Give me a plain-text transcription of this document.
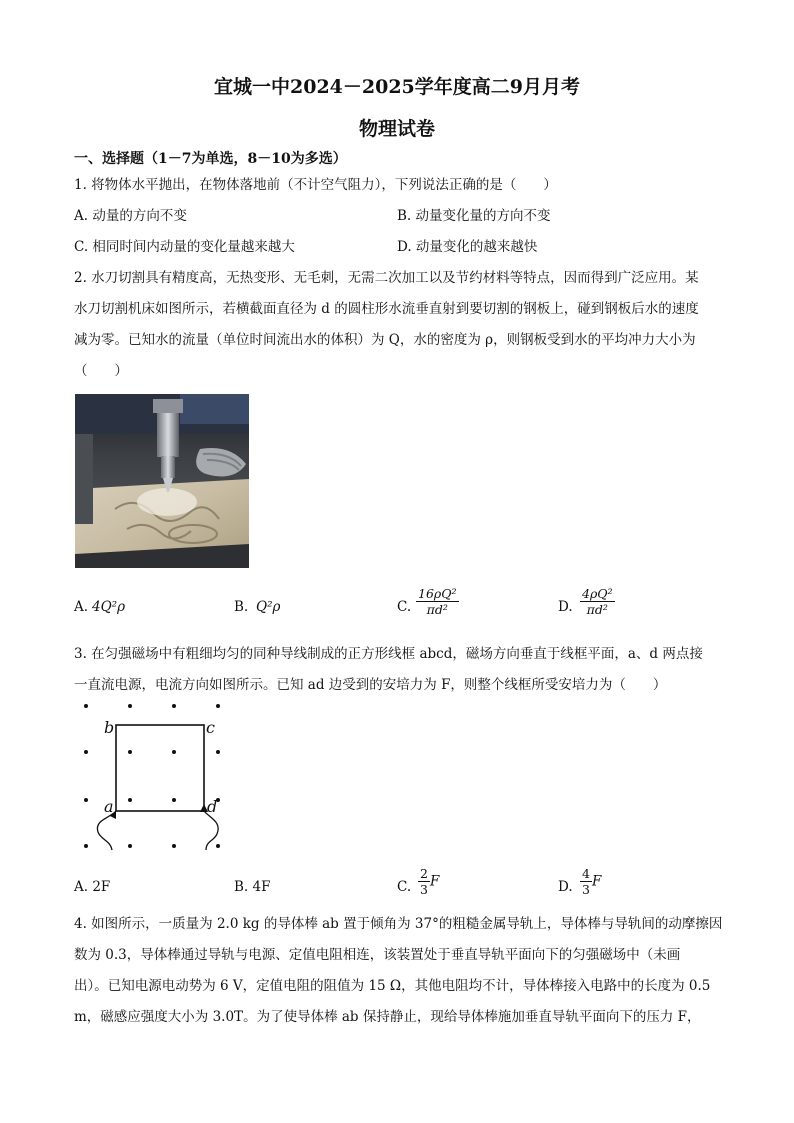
宜城一中2024－2025学年度高二9月月考
物理试卷
一、选择题（1－7为单选，8－10为多选）
1. 将物体水平抛出，在物体落地前（不计空气阻力），下列说法正确的是（　　）
A. 动量的方向不变	B. 动量变化量的方向不变
C. 相同时间内动量的变化量越来越大	D. 动量变化的越来越快
2. 水刀切割具有精度高，无热变形、无毛刺，无需二次加工以及节约材料等特点，因而得到广泛应用。某
水刀切割机床如图所示，若横截面直径为 d 的圆柱形水流垂直射到要切割的钢板上，碰到钢板后水的速度
减为零。已知水的流量（单位时间流出水的体积）为 Q，水的密度为 ρ，则钢板受到水的平均冲力大小为
（　　）
A. 4Q²ρ	B. Q²ρ	C. $\frac{\text{16ρQ²}}{\text{πd²}}$	D. $\frac{\text{4ρQ²}}{\text{πd²}}$
3. 在匀强磁场中有粗细均匀的同种导线制成的正方形线框 abcd，磁场方向垂直于线框平面，a、d 两点接
一直流电源，电流方向如图所示。已知 ad 边受到的安培力为 F，则整个线框所受安培力为（　　）
b	c
a	d
A. 2F	B. 4F	C. $\frac{2}{3}$ F	D. $\frac{4}{3}$ F
4. 如图所示，一质量为 2.0 kg 的导体棒 ab 置于倾角为 37°的粗糙金属导轨上，导体棒与导轨间的动摩擦因
数为 0.3，导体棒通过导轨与电源、定值电阻相连，该装置处于垂直导轨平面向下的匀强磁场中（未画
出）。已知电源电动势为 6 V，定值电阻的阻值为 15 Ω，其他电阻均不计，导体棒接入电路中的长度为 0.5
m，磁感应强度大小为 3.0T。为了使导体棒 ab 保持静止，现给导体棒施加垂直导轨平面向下的压力 F，
